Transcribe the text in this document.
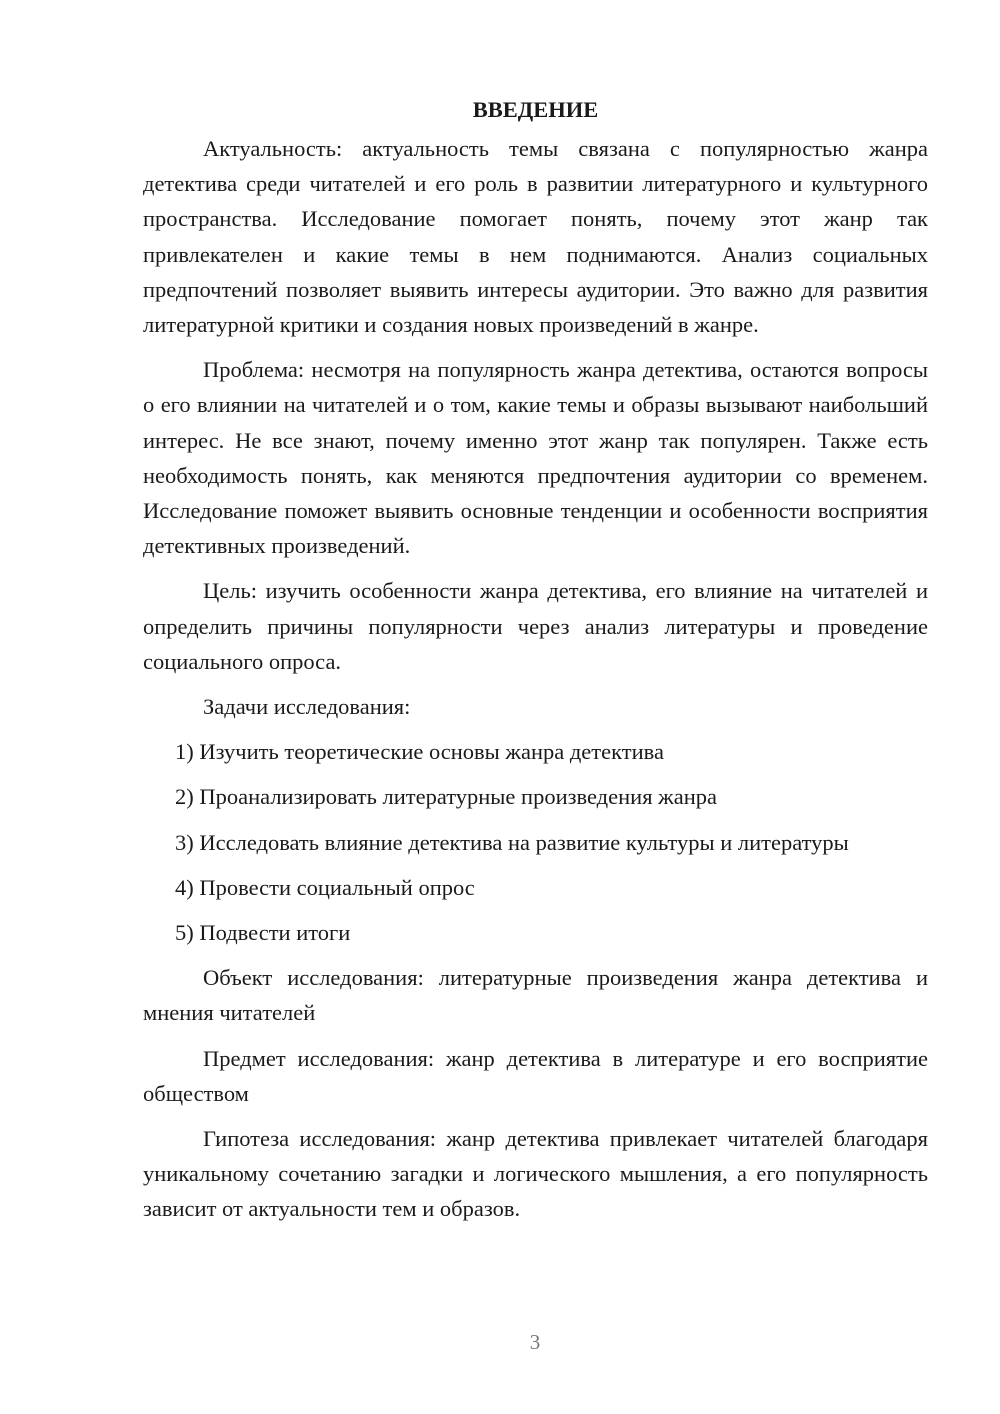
ВВЕДЕНИЕ

Актуальность: актуальность темы связана с популярностью жанра детектива среди читателей и его роль в развитии литературного и культурного пространства. Исследование помогает понять, почему этот жанр так привлекателен и какие темы в нем поднимаются. Анализ социальных предпочтений позволяет выявить интересы аудитории. Это важно для развития литературной критики и создания новых произведений в жанре.

Проблема: несмотря на популярность жанра детектива, остаются вопросы о его влиянии на читателей и о том, какие темы и образы вызывают наибольший интерес. Не все знают, почему именно этот жанр так популярен. Также есть необходимость понять, как меняются предпочтения аудитории со временем. Исследование поможет выявить основные тенденции и особенности восприятия детективных произведений.

Цель: изучить особенности жанра детектива, его влияние на читателей и определить причины популярности через анализ литературы и проведение социального опроса.

Задачи исследования:

1) Изучить теоретические основы жанра детектива
2) Проанализировать литературные произведения жанра
3) Исследовать влияние детектива на развитие культуры и литературы
4) Провести социальный опрос
5) Подвести итоги

Объект исследования: литературные произведения жанра детектива и мнения читателей

Предмет исследования: жанр детектива в литературе и его восприятие обществом

Гипотеза исследования: жанр детектива привлекает читателей благодаря уникальному сочетанию загадки и логического мышления, а его популярность зависит от актуальности тем и образов.

3
